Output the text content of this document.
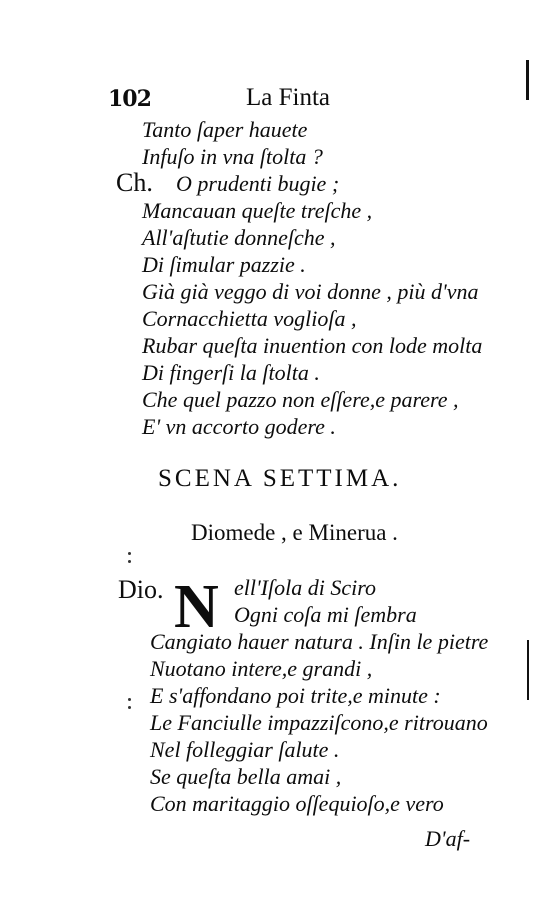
102	La Finta
Tanto ſaper hauete
Infuſo in vna ſtolta ?
Ch. O prudenti bugie ;
Mancauan queſte treſche ,
All'aſtutie donneſche ,
Di ſimular pazzie .
Già già veggo di voi donne , più d'vna
Cornacchietta voglioſa ,
Rubar queſta inuention con lode molta
Di fingerſi la ſtolta .
Che quel pazzo non eſſere,e parere ,
E' vn accorto godere .
SCENA SETTIMA.
Diomede , e Minerua .
Dio. N ell'Iſola di Sciro
Ogni coſa mi ſembra
Cangiato hauer natura . Inſin le pietre
Nuotano intere,e grandi ,
E s'affondano poi trite,e minute :
Le Fanciulle impazziſcono,e ritrouano
Nel folleggiar ſalute .
Se queſta bella amai ,
Con maritaggio oſſequioſo,e vero
D'af-
